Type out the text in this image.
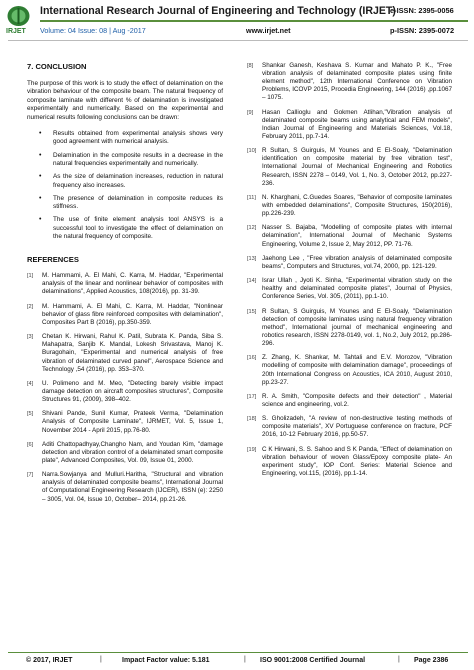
IRJET
International Research Journal of Engineering and Technology (IRJET)
e-ISSN: 2395-0056
Volume: 04 Issue: 08 | Aug -2017	www.irjet.net	p-ISSN: 2395-0072
7. CONCLUSION

The purpose of this work is to study the effect of delamination on the vibration behaviour of the composite beam. The natural frequency of composite laminate with different % of delamination is investigated experimentally and numerically. Based on the experimental and numerical results following conclusions can be drawn:

• Results obtained from experimental analysis shows very good agreement with numerical analysis.
• Delamination in the composite results in a decrease in the natural frequencies experimentally and numerically.
• As the size of delamination increases, reduction in natural frequency also increases.
• The presence of delamination in composite reduces its stiffness.
• The use of finite element analysis tool ANSYS is a successful tool to investigate the effect of delamination on the natural frequency of composite.
REFERENCES
[1] M. Hammami, A. El Mahi, C. Karra, M. Haddar, "Experimental analysis of the linear and nonlinear behavior of composites with delaminations", Applied Acoustics, 108(2016), pp. 31-39.
[2] M. Hammami, A. El Mahi, C. Karra, M. Haddar, "Nonlinear behavior of glass fibre reinforced composites with delamination", Composites Part B (2016), pp.350-359.
[3] Chetan K. Hirwani, Rahul K. Patil, Subrata K. Panda, Siba S. Mahapatra, Sanjib K. Mandal, Lokesh Srivastava, Manoj K. Buragohain, "Experimental and numerical analysis of free vibration of delaminated curved panel", Aerospace Science and Technology ,54 (2016), pp. 353–370.
[4] U. Polimeno and M. Meo, "Detecting barely visible impact damage detection on aircraft composites structures", Composite Structures 91, (2009), 398–402.
[5] Shivani Pande, Sunil Kumar, Prateek Verma, "Delamination Analysis of Composite Laminate", IJRMET, Vol. 5, Issue 1, November 2014 - April 2015, pp.76-80.
[6] Aditi Chattopadhyay,Changho Nam, and Youdan Kim, "damage detection and vibration control of a delaminated smart composite plate", Advanced Composites, Vol. 09, Issue 01, 2000.
[7] Narra.Sowjanya and Mulluri.Haritha, "Structural and vibration analysis of delaminated composite beams", International Journal of Computational Engineering Research (IJCER), ISSN (e): 2250 – 3005, Vol. 04, Issue 10, October– 2014, pp.21-26.
[8] Shankar Ganesh, Keshava S. Kumar and Mahato P. K., "Free vibration analysis of delaminated composite plates using finite element method", 12th International Conference on Vibration Problems, ICOVP 2015, Procedia Engineering, 144 (2016) ,pp.1067 – 1075.
[9] Hasan Callioglu and Gokmen Atlihan,"Vibration analysis of delaminated composite beams using analytical and FEM models", Indian Journal of Engineering and Materials Sciences, Vol.18, February 2011, pp.7-14.
[10] R Sultan, S Guirguis, M Younes and E El-Soaly, "Delamination identification on composite material by free vibration test", International Journal of Mechanical Engineering and Robotics Research, ISSN 2278 – 0149, Vol. 1, No. 3, October 2012, pp.227-236.
[11] N. Kharghani, C.Guedes Soares, "Behavior of composite laminates with embedded delaminations", Composite Structures, 150(2016), pp.226-239.
[12] Nasser S. Bajaba, "Modelling of composite plates with internal delamination", International Journal of Mechanic Systems Engineering, Volume 2, Issue 2, May 2012, PP. 71-76.
[13] Jaehong Lee , "Free vibration analysis of delaminated composite beams", Computers and Structures, vol.74, 2000, pp. 121-129.
[14] Israr Ullah , Jyoti K. Sinha, "Experimental vibration study on the healthy and delaminated composite plates", Journal of Physics, Conference Series, Vol. 305, (2011), pp.1-10.
[15] R Sultan, S Guirguis, M Younes and E El-Soaly, "Delamination detection of composite laminates using natural frequency vibration method", International journal of mechanical engineering and robotics research, ISSN 2278-0149, vol. 1, No.2, July 2012, pp.286-296.
[16] Z. Zhang, K. Shankar, M. Tahtali and E.V. Morozov, "Vibration modelling of composite with delamination damage", proceedings of 20th International Congress on Acoustics, ICA 2010, August 2010, pp.23-27.
[17] R. A. Smith, "Composite defects and their detection" , Material science and engineering, vol.2.
[18] S. Gholizadeh, "A review of non-destructive testing methods of composite materials", XV Portuguese conference on fracture, PCF 2016, 10-12 February 2016, pp.50-57.
[19] C K Hirwani, S. S. Sahoo and S K Panda, "Effect of delamination on vibration behaviour of woven Glass/Epoxy composite plate- An experiment study", IOP Conf. Series: Material Science and Engineering, vol.115, (2016), pp.1-14.
© 2017, IRJET	|	Impact Factor value: 5.181	| ISO 9001:2008 Certified Journal	| Page 2386
